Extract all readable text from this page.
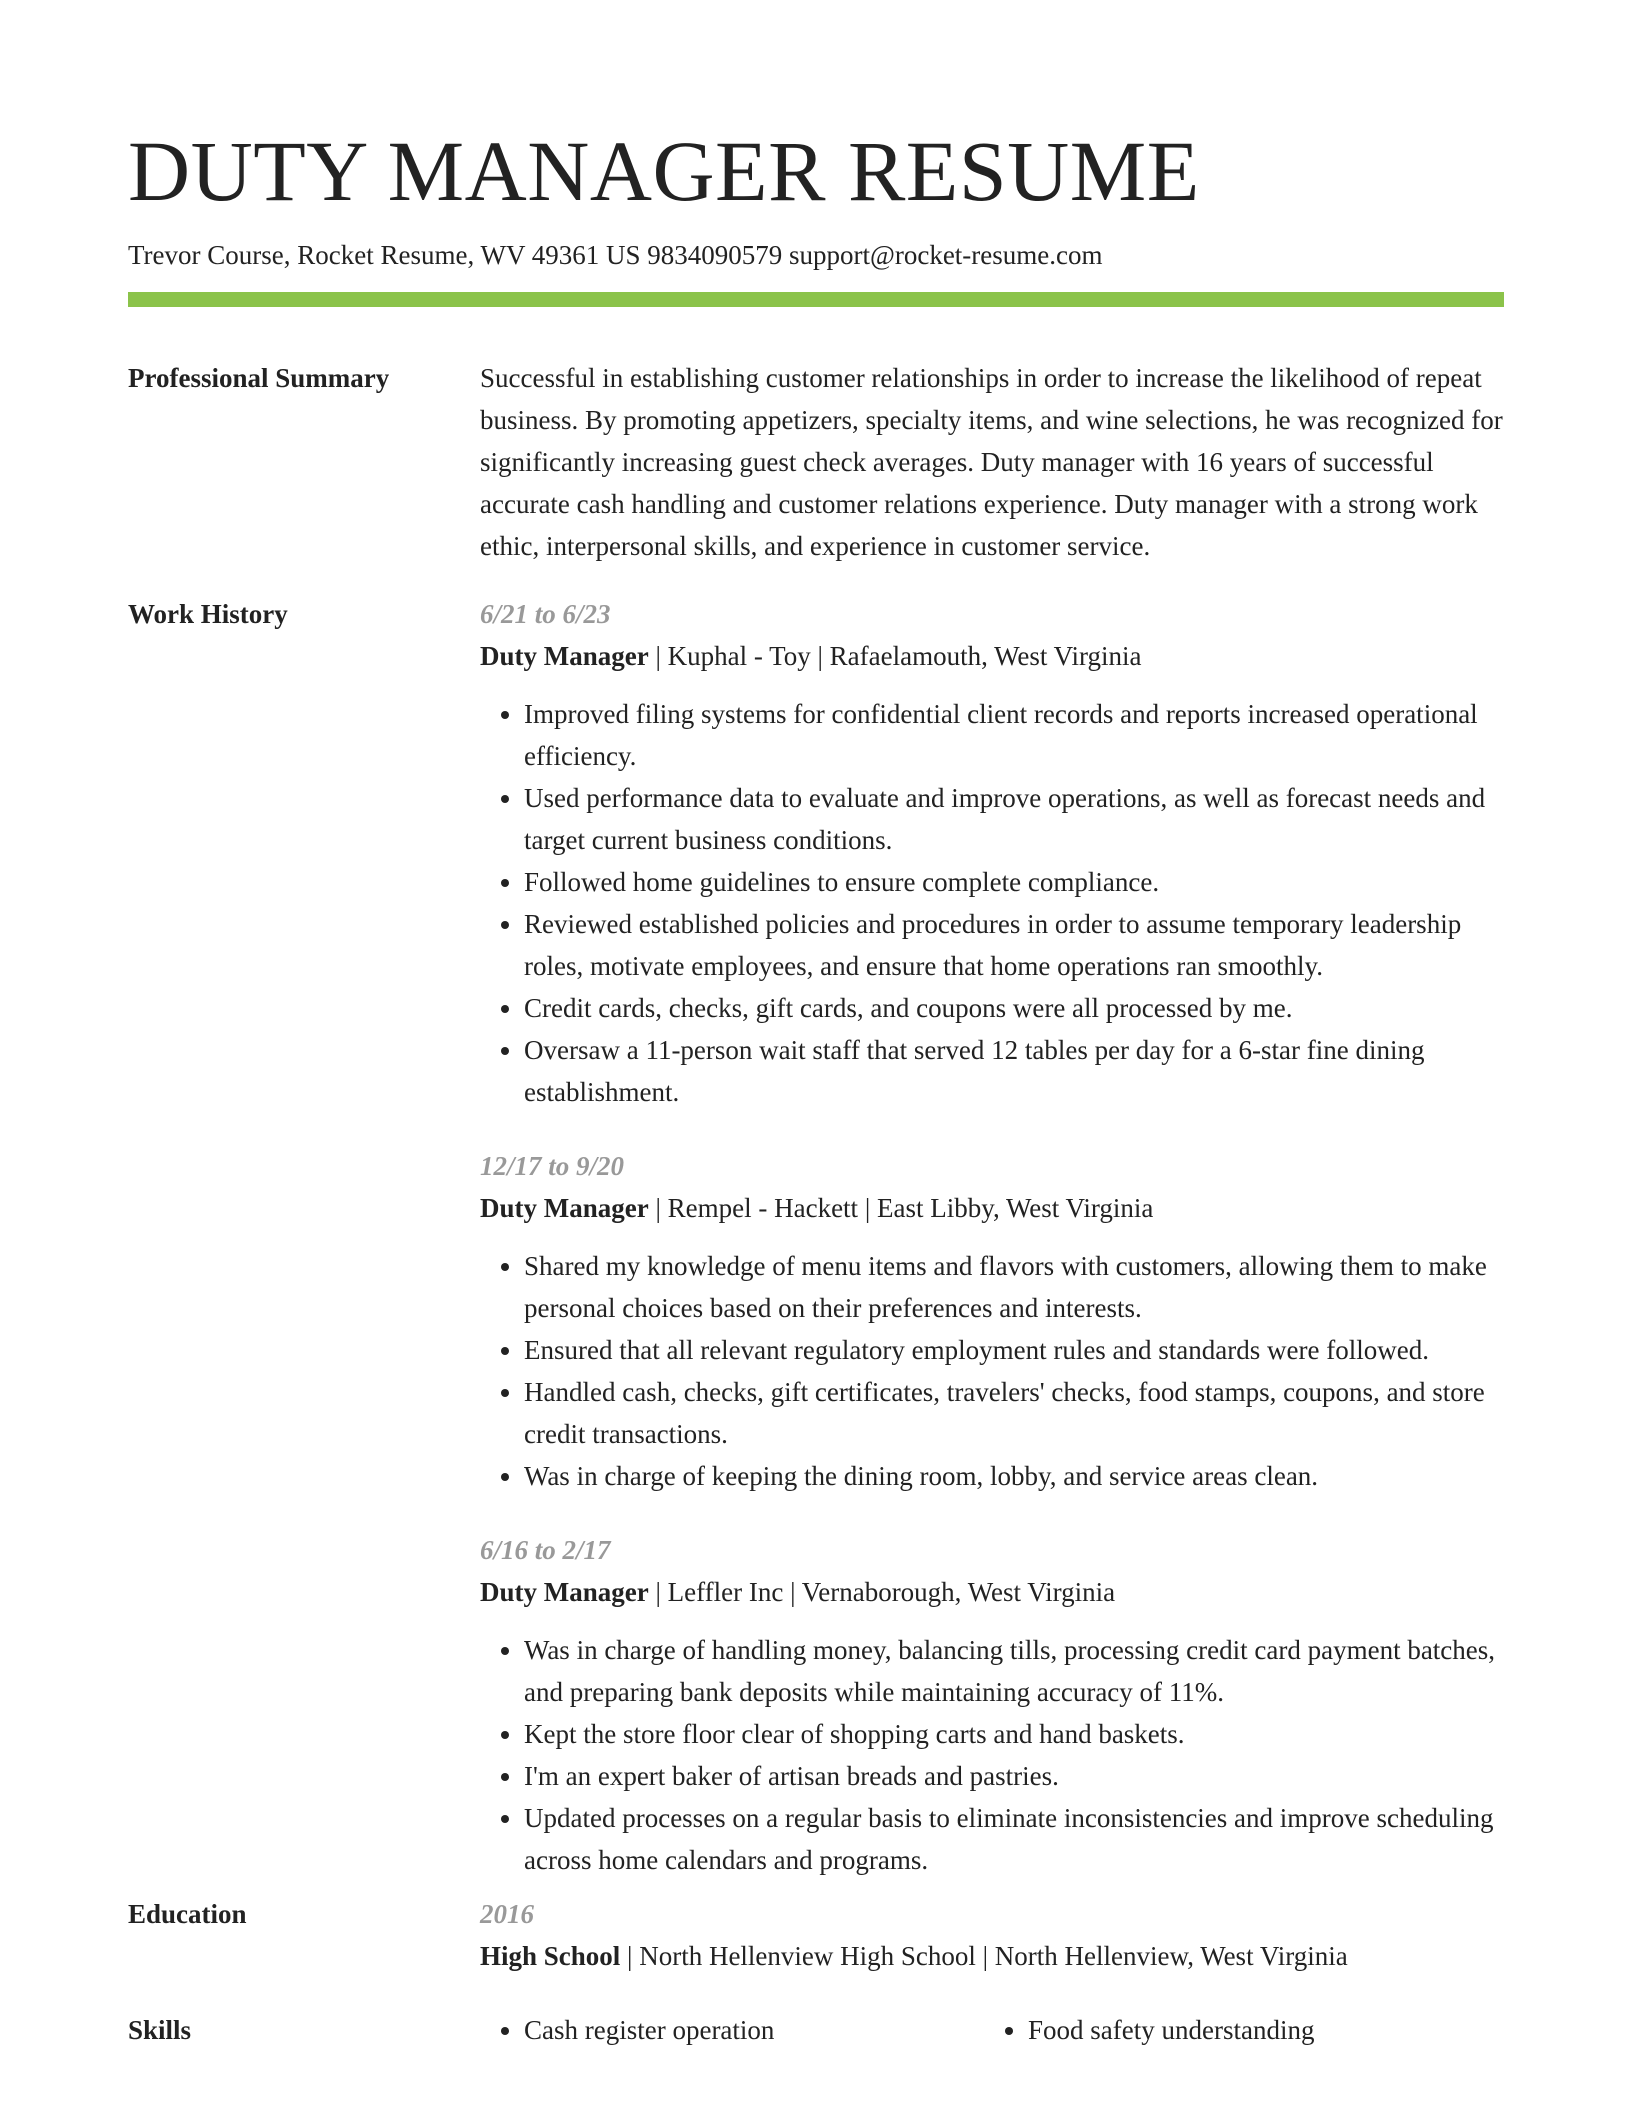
DUTY MANAGER RESUME
Trevor Course, Rocket Resume, WV 49361 US 9834090579 support@rocket-resume.com
Professional Summary	Successful in establishing customer relationships in order to increase the likelihood of repeat business. By promoting appetizers, specialty items, and wine selections, he was recognized for significantly increasing guest check averages. Duty manager with 16 years of successful accurate cash handling and customer relations experience. Duty manager with a strong work ethic, interpersonal skills, and experience in customer service.
Work History	6/21 to 6/23
Duty Manager | Kuphal - Toy | Rafaelamouth, West Virginia
• Improved filing systems for confidential client records and reports increased operational efficiency.
• Used performance data to evaluate and improve operations, as well as forecast needs and target current business conditions.
• Followed home guidelines to ensure complete compliance.
• Reviewed established policies and procedures in order to assume temporary leadership roles, motivate employees, and ensure that home operations ran smoothly.
• Credit cards, checks, gift cards, and coupons were all processed by me.
• Oversaw a 11-person wait staff that served 12 tables per day for a 6-star fine dining establishment.
12/17 to 9/20
Duty Manager | Rempel - Hackett | East Libby, West Virginia
• Shared my knowledge of menu items and flavors with customers, allowing them to make personal choices based on their preferences and interests.
• Ensured that all relevant regulatory employment rules and standards were followed.
• Handled cash, checks, gift certificates, travelers' checks, food stamps, coupons, and store credit transactions.
• Was in charge of keeping the dining room, lobby, and service areas clean.
6/16 to 2/17
Duty Manager | Leffler Inc | Vernaborough, West Virginia
• Was in charge of handling money, balancing tills, processing credit card payment batches, and preparing bank deposits while maintaining accuracy of 11%.
• Kept the store floor clear of shopping carts and hand baskets.
• I'm an expert baker of artisan breads and pastries.
• Updated processes on a regular basis to eliminate inconsistencies and improve scheduling across home calendars and programs.
Education	2016
High School | North Hellenview High School | North Hellenview, West Virginia
Skills	• Cash register operation	• Food safety understanding
